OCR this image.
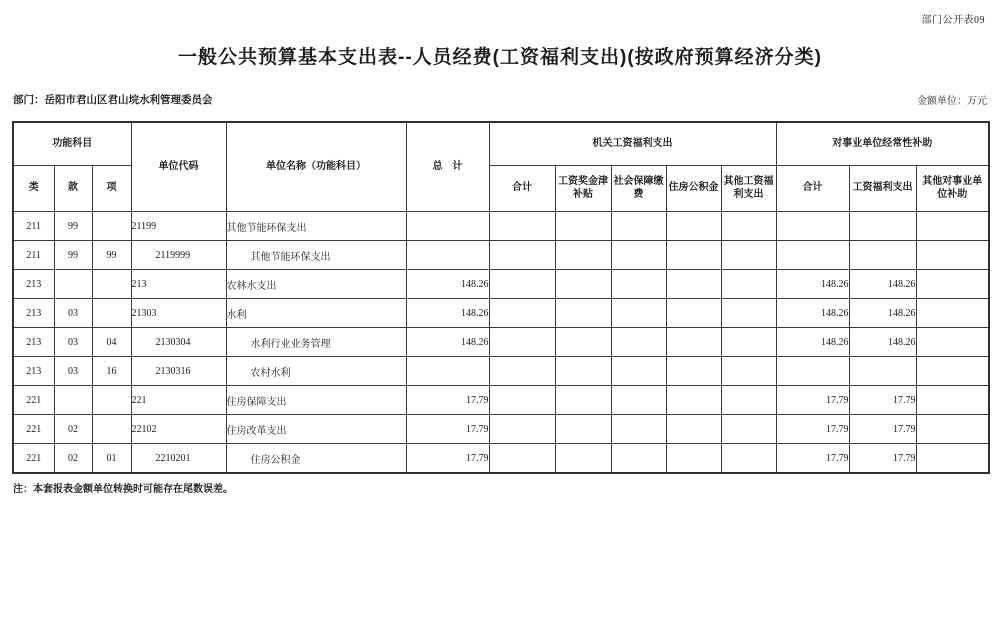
部门公开表09
一般公共预算基本支出表--人员经费(工资福利支出)(按政府预算经济分类)
部门：岳阳市君山区君山垸水利管理委员会	金额单位：万元
功能科目			单位代码	单位名称（功能科目）	总　计	机关工资福利支出					对事业单位经常性补助		
类	款	项				合计	工资奖金津补贴	社会保障缴费	住房公积金	其他工资福利支出	合计	工资福利支出	其他对事业单位补助
211	99		21199	其他节能环保支出									
211	99	99	2119999	其他节能环保支出									
213			213	农林水支出	148.26						148.26	148.26	
213	03		21303	水利	148.26						148.26	148.26	
213	03	04	2130304	水利行业业务管理	148.26						148.26	148.26	
213	03	16	2130316	农村水利									
221			221	住房保障支出	17.79						17.79	17.79	
221	02		22102	住房改革支出	17.79						17.79	17.79	
221	02	01	2210201	住房公积金	17.79						17.79	17.79	
注：本套报表金额单位转换时可能存在尾数误差。
